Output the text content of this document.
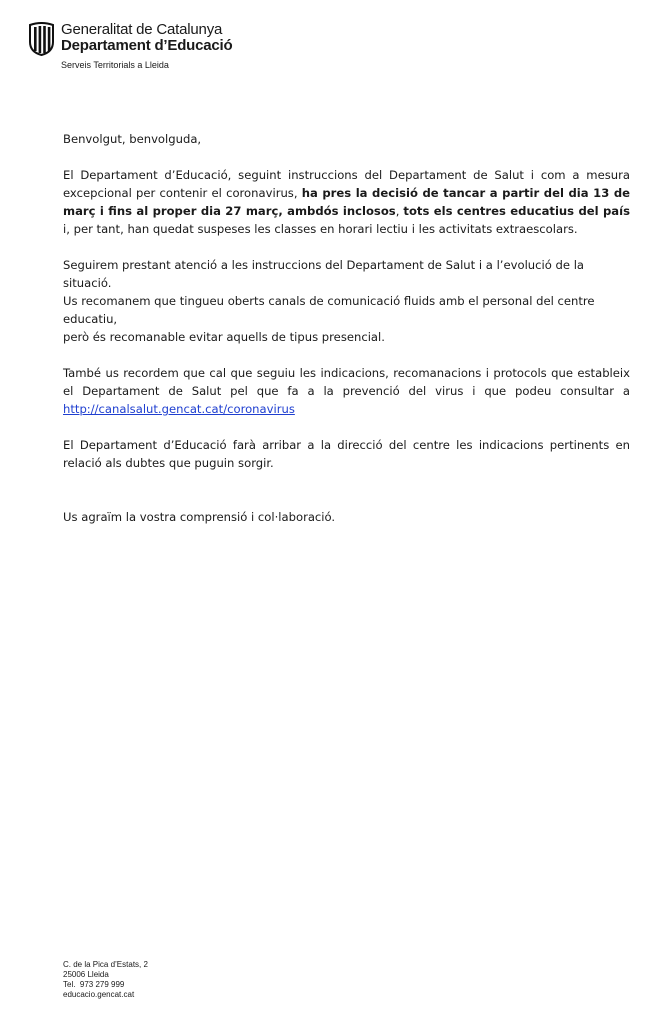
Generalitat de Catalunya
Departament d’Educació
Serveis Territorials a Lleida

Benvolgut, benvolguda,

El Departament d’Educació, seguint instruccions del Departament de Salut i com a mesura excepcional per contenir el coronavirus, ha pres la decisió de tancar a partir del dia 13 de març i fins al proper dia 27 març, ambdós inclosos, tots els centres educatius del país i, per tant, han quedat suspeses les classes en horari lectiu i les activitats extraescolars.

Seguirem prestant atenció a les instruccions del Departament de Salut i a l’evolució de la situació.
Us recomanem que tingueu oberts canals de comunicació fluids amb el personal del centre educatiu,
però és recomanable evitar aquells de tipus presencial.

També us recordem que cal que seguiu les indicacions, recomanacions i protocols que estableix el Departament de Salut pel que fa a la prevenció del virus i que podeu consultar a http://canalsalut.gencat.cat/coronavirus

El Departament d’Educació farà arribar a la direcció del centre les indicacions pertinents en relació als dubtes que puguin sorgir.

Us agraïm la vostra comprensió i col·laboració.

C. de la Pica d’Estats, 2
25006 Lleida
Tel.  973 279 999
educacio.gencat.cat
